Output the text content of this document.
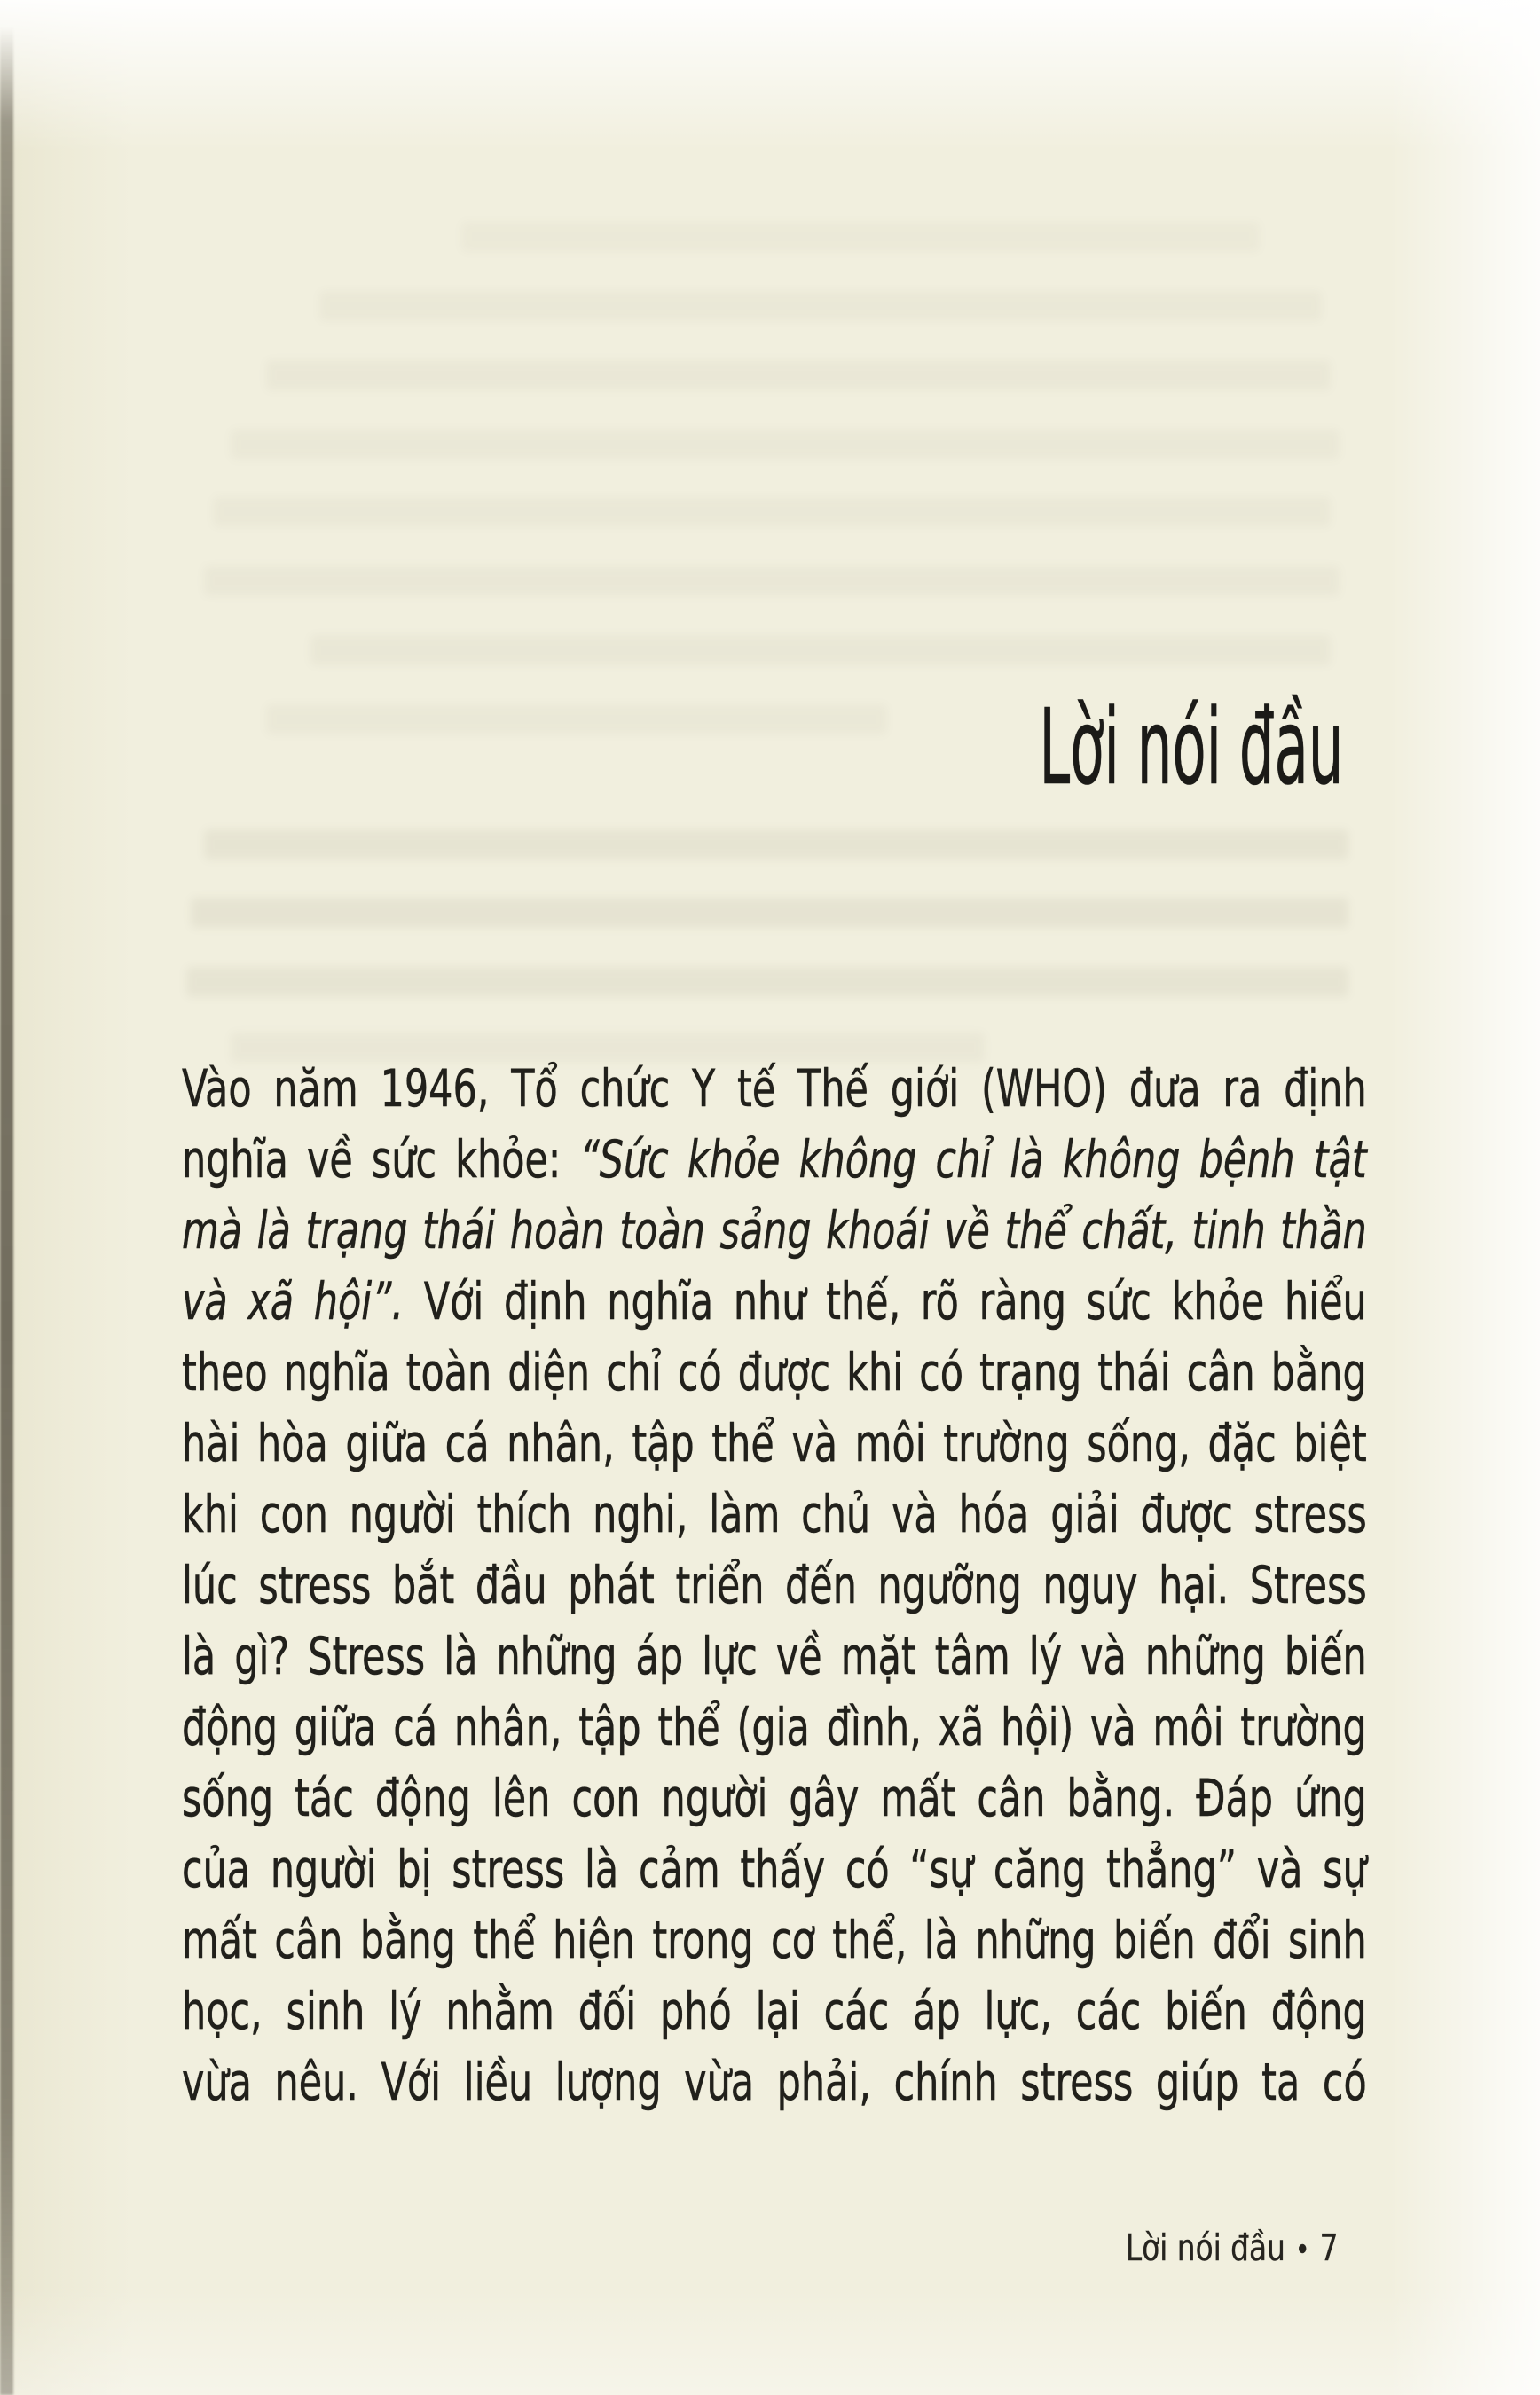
Lời nói đầu
Vào năm 1946, Tổ chức Y tế Thế giới (WHO) đưa ra định
nghĩa về sức khỏe: “Sức khỏe không chỉ là không bệnh tật
mà là trạng thái hoàn toàn sảng khoái về thể chất, tinh thần
và xã hội”. Với định nghĩa như thế, rõ ràng sức khỏe hiểu
theo nghĩa toàn diện chỉ có được khi có trạng thái cân bằng
hài hòa giữa cá nhân, tập thể và môi trường sống, đặc biệt
khi con người thích nghi, làm chủ và hóa giải được stress
lúc stress bắt đầu phát triển đến ngưỡng nguy hại. Stress
là gì? Stress là những áp lực về mặt tâm lý và những biến
động giữa cá nhân, tập thể (gia đình, xã hội) và môi trường
sống tác động lên con người gây mất cân bằng. Đáp ứng
của người bị stress là cảm thấy có “sự căng thẳng” và sự
mất cân bằng thể hiện trong cơ thể, là những biến đổi sinh
học, sinh lý nhằm đối phó lại các áp lực, các biến động
vừa nêu. Với liều lượng vừa phải, chính stress giúp ta có
Lời nói đầu • 7
